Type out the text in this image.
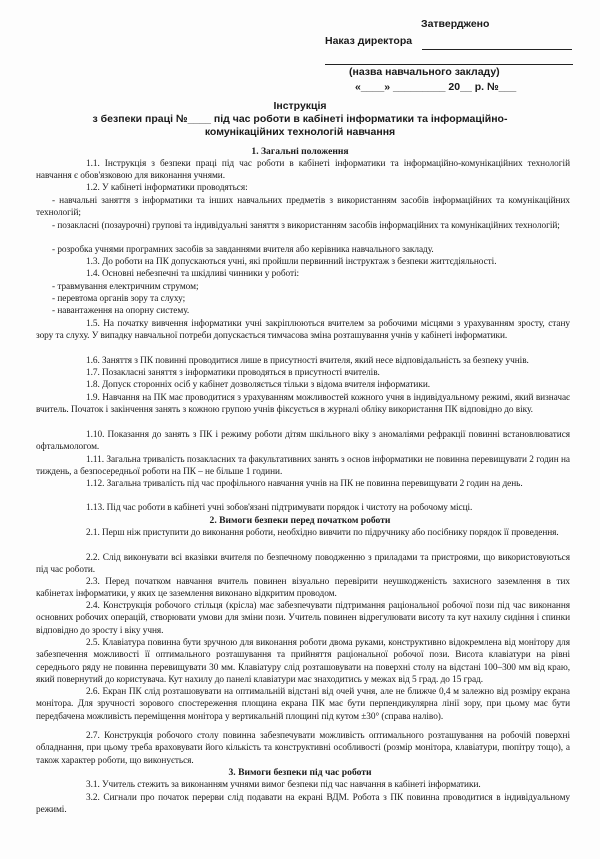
Затверджено
Наказ директора
(назва навчального закладу)
«____» _________ 20__ р. №___
Інструкція
з безпеки праці №____ під час роботи в кабінеті інформатики та інформаційно-
комунікаційних технологій навчання
1. Загальні положення
1.1. Інструкція з безпеки праці під час роботи в кабінеті інформатики та інформаційно-комунікаційних технологій навчання є обов'язковою для виконання учнями.
1.2. У кабінеті інформатики проводяться:
- навчальні заняття з інформатики та інших навчальних предметів з використанням засобів інформаційних та комунікаційних технологій;
- позакласні (позаурочні) групові та індивідуальні заняття з використанням засобів інформаційних та комунікаційних технологій;
- розробка учнями програмних засобів за завданнями вчителя або керівника навчального закладу.
1.3. До роботи на ПК допускаються учні, які пройшли первинний інструктаж з безпеки життєдіяльності.
1.4. Основні небезпечні та шкідливі чинники у роботі:
- травмування електричним струмом;
- перевтома органів зору та слуху;
- навантаження на опорну систему.
1.5. На початку вивчення інформатики учні закріплюються вчителем за робочими місцями з урахуванням зросту, стану зору та слуху. У випадку навчальної потреби допускається тимчасова зміна розташування учнів у кабінеті інформатики.
1.6. Заняття з ПК повинні проводитися лише в присутності вчителя, який несе відповідальність за безпеку учнів.
1.7. Позакласні заняття з інформатики проводяться в присутності вчителів.
1.8. Допуск сторонніх осіб у кабінет дозволяється тільки з відома вчителя інформатики.
1.9. Навчання на ПК має проводитися з урахуванням можливостей кожного учня в індивідуальному режимі, який визначає вчитель. Початок і закінчення занять з кожною групою учнів фіксується в журналі обліку використання ПК відповідно до віку.
1.10. Показання до занять з ПК і режиму роботи дітям шкільного віку з аномаліями рефракції повинні встановлюватися офтальмологом.
1.11. Загальна тривалість позакласних та факультативних занять з основ інформатики не повинна перевищувати 2 годин на тиждень, а безпосередньої роботи на ПК – не більше 1 години.
1.12. Загальна тривалість під час профільного навчання учнів на ПК не повинна перевищувати 2 годин на день.
1.13. Під час роботи в кабінеті учні зобов'язані підтримувати порядок і чистоту на робочому місці.
2. Вимоги безпеки перед початком роботи
2.1. Перш ніж приступити до виконання роботи, необхідно вивчити по підручнику або посібнику порядок її проведення.
2.2. Слід виконувати всі вказівки вчителя по безпечному поводженню з приладами та пристроями, що використовуються під час роботи.
2.3. Перед початком навчання вчитель повинен візуально перевірити неушкодженість захисного заземлення в тих кабінетах інформатики, у яких це заземлення виконано відкритим проводом.
2.4. Конструкція робочого стільця (крісла) має забезпечувати підтримання раціональної робочої пози під час виконання основних робочих операцій, створювати умови для зміни пози. Учитель повинен відрегулювати висоту та кут нахилу сидіння і спинки відповідно до зросту і віку учня.
2.5. Клавіатура повинна бути зручною для виконання роботи двома руками, конструктивно відокремлена від монітору для забезпечення можливості її оптимального розташування та прийняття раціональної робочої пози. Висота клавіатури на рівні середнього ряду не повинна перевищувати 30 мм. Клавіатуру слід розташовувати на поверхні столу на відстані 100–300 мм від краю, який повернутий до користувача. Кут нахилу до панелі клавіатури має знаходитись у межах від 5 град. до 15 град.
2.6. Екран ПК слід розташовувати на оптимальній відстані від очей учня, але не ближче 0,4 м залежно від розміру екрана монітора. Для зручності зорового спостереження площина екрана ПК має бути перпендикулярна лінії зору, при цьому має бути передбачена можливість переміщення монітора у вертикальній площині під кутом ±30° (справа наліво).
2.7. Конструкція робочого столу повинна забезпечувати можливість оптимального розташування на робочій поверхні обладнання, при цьому треба враховувати його кількість та конструктивні особливості (розмір монітора, клавіатури, пюпітру тощо), а також характер роботи, що виконується.
3. Вимоги безпеки під час роботи
3.1. Учитель стежить за виконанням учнями вимог безпеки під час навчання в кабінеті інформатики.
3.2. Сигнали про початок перерви слід подавати на екрані ВДМ. Робота з ПК повинна проводитися в індивідуальному режимі.
